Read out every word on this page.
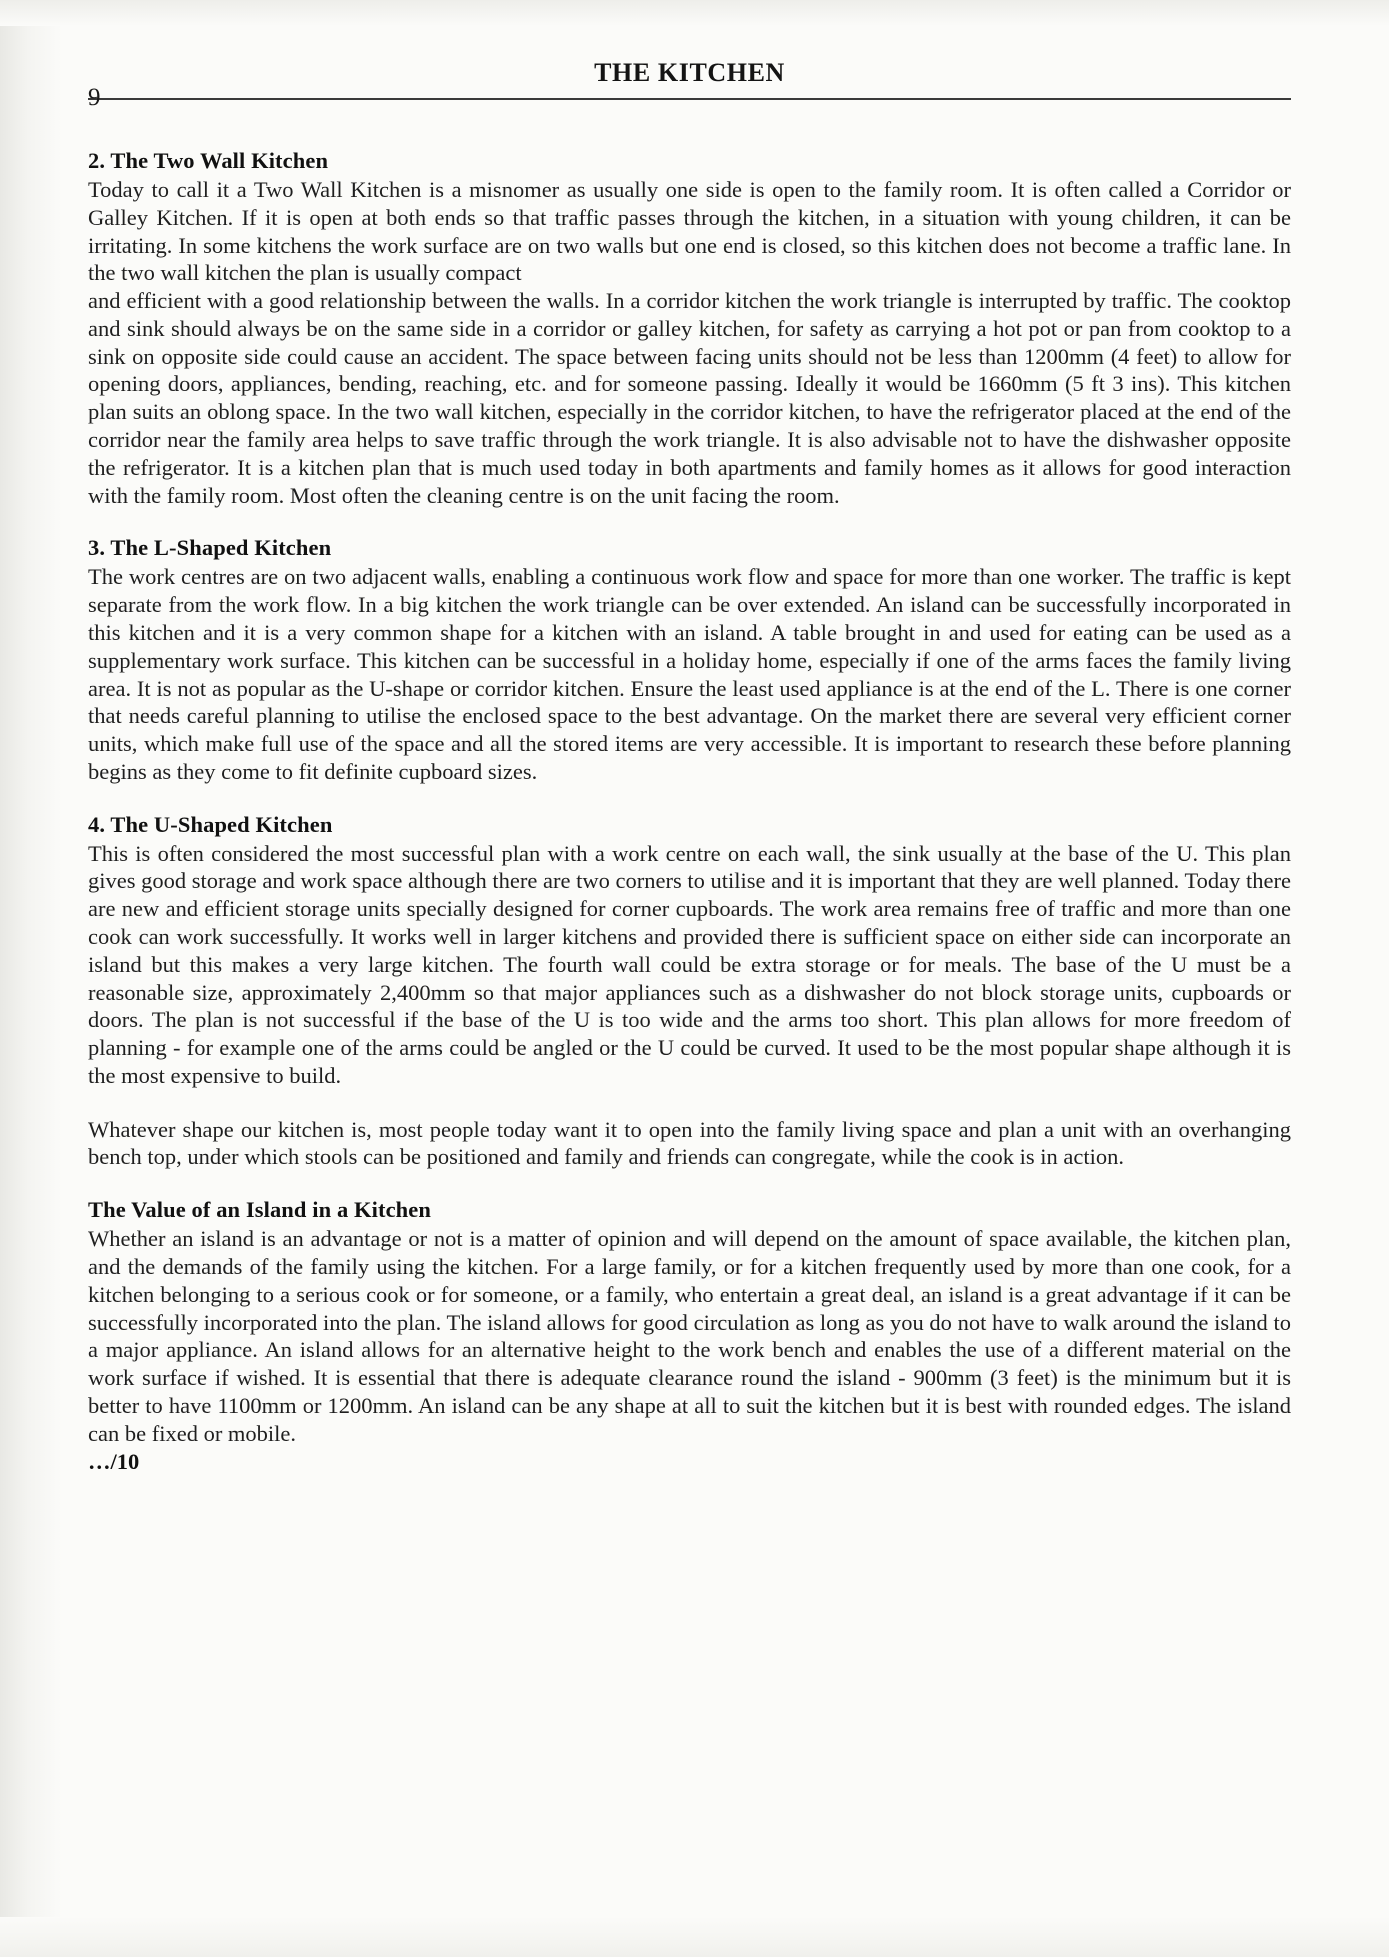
THE KITCHEN
9
2. The Two Wall Kitchen

Today to call it a Two Wall Kitchen is a misnomer as usually one side is open to the family room. It is often called a Corridor or Galley Kitchen. If it is open at both ends so that traffic passes through the kitchen, in a situation with young children, it can be irritating. In some kitchens the work surface are on two walls but one end is closed, so this kitchen does not become a traffic lane. In the two wall kitchen the plan is usually compact

and efficient with a good relationship between the walls. In a corridor kitchen the work triangle is interrupted by traffic. The cooktop and sink should always be on the same side in a corridor or galley kitchen, for safety as carrying a hot pot or pan from cooktop to a sink on opposite side could cause an accident. The space between facing units should not be less than 1200mm (4 feet) to allow for opening doors, appliances, bending, reaching, etc. and for someone passing. Ideally it would be 1660mm (5 ft 3 ins). This kitchen plan suits an oblong space. In the two wall kitchen, especially in the corridor kitchen, to have the refrigerator placed at the end of the corridor near the family area helps to save traffic through the work triangle. It is also advisable not to have the dishwasher opposite the refrigerator. It is a kitchen plan that is much used today in both apartments and family homes as it allows for good interaction with the family room. Most often the cleaning centre is on the unit facing the room.

3. The L-Shaped Kitchen

The work centres are on two adjacent walls, enabling a continuous work flow and space for more than one worker. The traffic is kept separate from the work flow. In a big kitchen the work triangle can be over extended. An island can be successfully incorporated in this kitchen and it is a very common shape for a kitchen with an island. A table brought in and used for eating can be used as a supplementary work surface. This kitchen can be successful in a holiday home, especially if one of the arms faces the family living area. It is not as popular as the U-shape or corridor kitchen. Ensure the least used appliance is at the end of the L. There is one corner that needs careful planning to utilise the enclosed space to the best advantage. On the market there are several very efficient corner units, which make full use of the space and all the stored items are very accessible. It is important to research these before planning begins as they come to fit definite cupboard sizes.

4. The U-Shaped Kitchen

This is often considered the most successful plan with a work centre on each wall, the sink usually at the base of the U. This plan gives good storage and work space although there are two corners to utilise and it is important that they are well planned. Today there are new and efficient storage units specially designed for corner cupboards. The work area remains free of traffic and more than one cook can work successfully. It works well in larger kitchens and provided there is sufficient space on either side can incorporate an island but this makes a very large kitchen. The fourth wall could be extra storage or for meals. The base of the U must be a reasonable size, approximately 2,400mm so that major appliances such as a dishwasher do not block storage units, cupboards or doors. The plan is not successful if the base of the U is too wide and the arms too short. This plan allows for more freedom of planning - for example one of the arms could be angled or the U could be curved. It used to be the most popular shape although it is the most expensive to build.

Whatever shape our kitchen is, most people today want it to open into the family living space and plan a unit with an overhanging bench top, under which stools can be positioned and family and friends can congregate, while the cook is in action.

The Value of an Island in a Kitchen

Whether an island is an advantage or not is a matter of opinion and will depend on the amount of space available, the kitchen plan, and the demands of the family using the kitchen. For a large family, or for a kitchen frequently used by more than one cook, for a kitchen belonging to a serious cook or for someone, or a family, who entertain a great deal, an island is a great advantage if it can be successfully incorporated into the plan. The island allows for good circulation as long as you do not have to walk around the island to a major appliance. An island allows for an alternative height to the work bench and enables the use of a different material on the work surface if wished. It is essential that there is adequate clearance round the island - 900mm (3 feet) is the minimum but it is better to have 1100mm or 1200mm. An island can be any shape at all to suit the kitchen but it is best with rounded edges. The island can be fixed or mobile.

…/10
